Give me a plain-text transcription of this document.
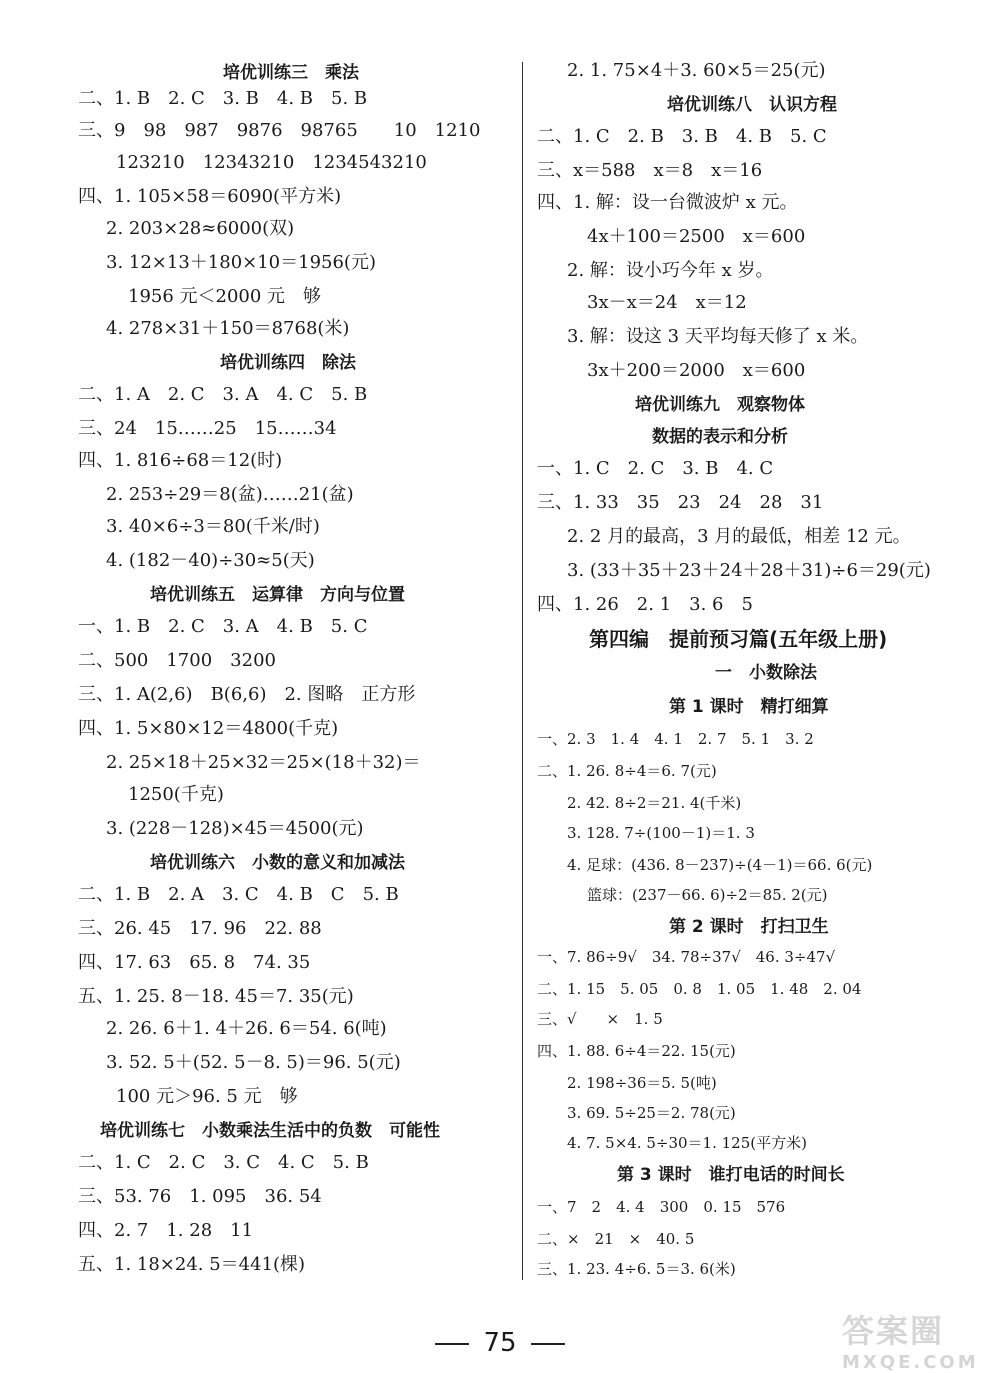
培优训练三　乘法
二、1. B　2. C　3. B　4. B　5. B
三、9　98　987　9876　98765　　10　1210
123210　12343210　1234543210
四、1. 105×58＝6090(平方米)
2. 203×28≈6000(双)
3. 12×13＋180×10＝1956(元)
1956 元＜2000 元　够
4. 278×31＋150＝8768(米)
培优训练四　除法
二、1. A　2. C　3. A　4. C　5. B
三、24　15……25　15……34
四、1. 816÷68＝12(时)
2. 253÷29＝8(盆)……21(盆)
3. 40×6÷3＝80(千米/时)
4. (182－40)÷30≈5(天)
培优训练五　运算律　方向与位置
一、1. B　2. C　3. A　4. B　5. C
二、500　1700　3200
三、1. A(2,6)　B(6,6)　2. 图略　正方形
四、1. 5×80×12＝4800(千克)
2. 25×18＋25×32＝25×(18＋32)＝
1250(千克)
3. (228－128)×45＝4500(元)
培优训练六　小数的意义和加减法
二、1. B　2. A　3. C　4. B　C　5. B
三、26. 45　17. 96　22. 88
四、17. 63　65. 8　74. 35
五、1. 25. 8－18. 45＝7. 35(元)
2. 26. 6＋1. 4＋26. 6＝54. 6(吨)
3. 52. 5＋(52. 5－8. 5)＝96. 5(元)
100 元＞96. 5 元　够
培优训练七　小数乘法生活中的负数　可能性
二、1. C　2. C　3. C　4. C　5. B
三、53. 76　1. 095　36. 54
四、2. 7　1. 28　11
五、1. 18×24. 5＝441(棵)
2. 1. 75×4＋3. 60×5＝25(元)
培优训练八　认识方程
二、1. C　2. B　3. B　4. B　5. C
三、x＝588　x＝8　x＝16
四、1. 解：设一台微波炉 x 元。
4x＋100＝2500　x＝600
2. 解：设小巧今年 x 岁。
3x－x＝24　x＝12
3. 解：设这 3 天平均每天修了 x 米。
3x＋200＝2000　x＝600
培优训练九　观察物体
数据的表示和分析
一、1. C　2. C　3. B　4. C
三、1. 33　35　23　24　28　31
2. 2 月的最高，3 月的最低，相差 12 元。
3. (33＋35＋23＋24＋28＋31)÷6＝29(元)
四、1. 26　2. 1　3. 6　5
第四编　提前预习篇(五年级上册)
一　小数除法
第 1 课时　精打细算
一、2. 3　1. 4　4. 1　2. 7　5. 1　3. 2
二、1. 26. 8÷4＝6. 7(元)
2. 42. 8÷2＝21. 4(千米)
3. 128. 7÷(100－1)＝1. 3
4. 足球：(436. 8－237)÷(4－1)＝66. 6(元)
篮球：(237－66. 6)÷2＝85. 2(元)
第 2 课时　打扫卫生
一、7. 86÷9√　34. 78÷37√　46. 3÷47√
二、1. 15　5. 05　0. 8　1. 05　1. 48　2. 04
三、√　　×　1. 5
四、1. 88. 6÷4＝22. 15(元)
2. 198÷36＝5. 5(吨)
3. 69. 5÷25＝2. 78(元)
4. 7. 5×4. 5÷30＝1. 125(平方米)
第 3 课时　谁打电话的时间长
一、7　2　4. 4　300　0. 15　576
二、×　21　×　40. 5
三、1. 23. 4÷6. 5＝3. 6(米)
75	答案圈
MXQE.COM
